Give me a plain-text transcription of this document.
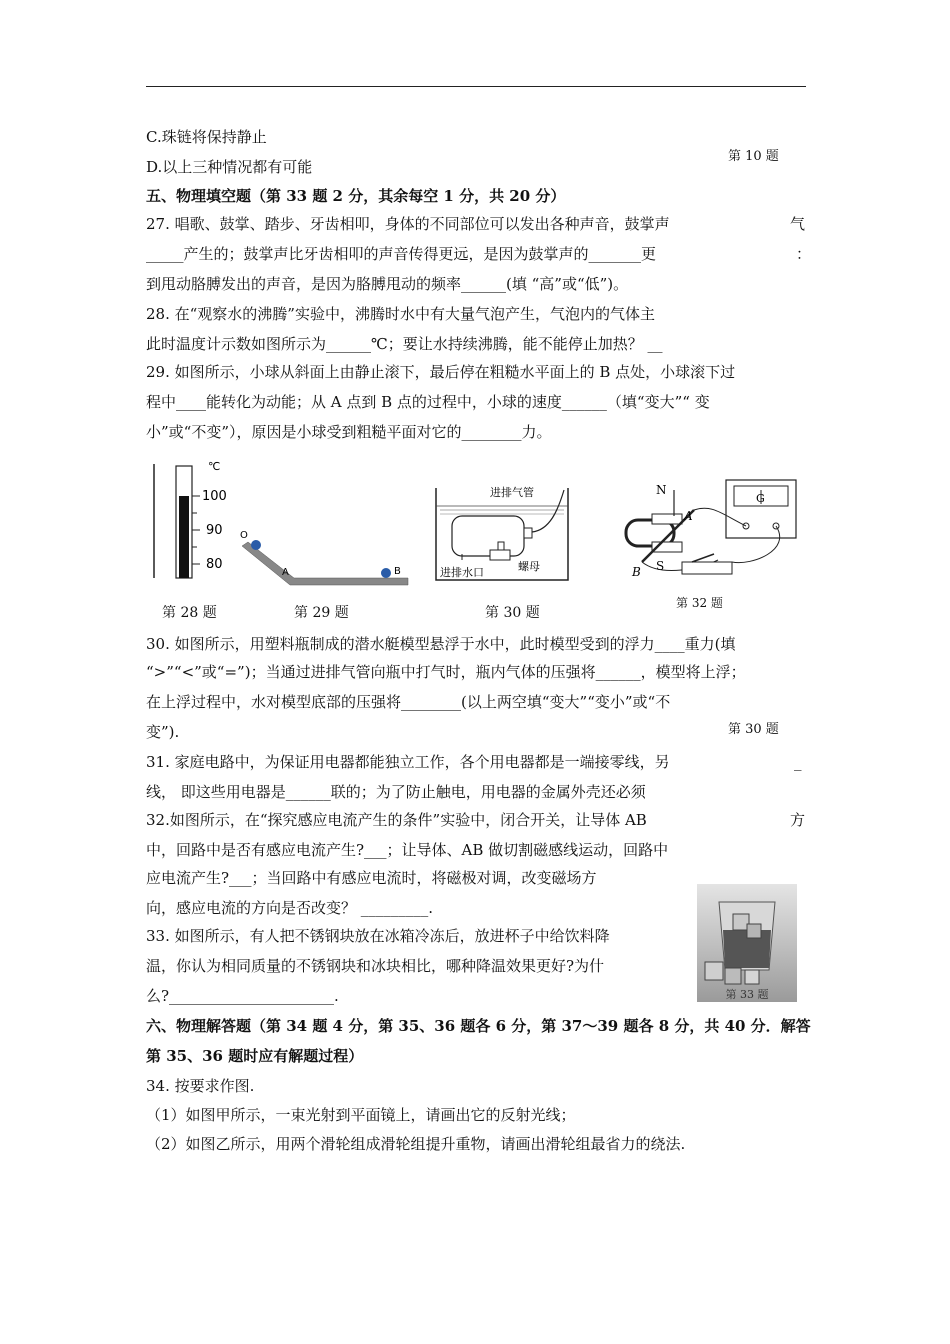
C.珠链将保持静止
D.以上三种情况都有可能
第 10 题
五、物理填空题（第 33 题 2 分，其余每空 1 分，共 20 分）
27. 唱歌、鼓掌、踏步、牙齿相叩，身体的不同部位可以发出各种声音，鼓掌声	气
_____产生的；鼓掌声比牙齿相叩的声音传得更远，是因为鼓掌声的_______更	：
到甩动胳膊发出的声音，是因为胳膊甩动的频率______(填 “高”或“低”)。
28. 在“观察水的沸腾”实验中，沸腾时水中有大量气泡产生，气泡内的气体主
此时温度计示数如图所示为______℃；要让水持续沸腾，能不能停止加热？ __
29. 如图所示，小球从斜面上由静止滚下，最后停在粗糙水平面上的 B 点处，小球滚下过
程中____能转化为动能；从 A 点到 B 点的过程中，小球的速度______（填“变大”“ 变
小”或“不变”），原因是小球受到粗糙平面对它的________力。
℃
100
90
80
第 28 题
O
A	B
第 29 题
进排气管
进排水口	螺母
第 30 题
N
S
A
B
G
第 32 题
30. 如图所示，用塑料瓶制成的潜水艇模型悬浮于水中，此时模型受到的浮力____重力(填
“>”“<”或“=”)；当通过进排气管向瓶中打气时，瓶内气体的压强将______，模型将上浮；
在上浮过程中，水对模型底部的压强将________(以上两空填“变大”“变小”或“不
变”).	第 30 题
31. 家庭电路中，为保证用电器都能独立工作，各个用电器都是一端接零线，另	_
线， 即这些用电器是______联的；为了防止触电，用电器的金属外壳还必须
32.如图所示，在“探究感应电流产生的条件”实验中，闭合开关，让导体 AB	方
中，回路中是否有感应电流产生?___；让导体、AB 做切割磁感线运动，回路中
应电流产生?___；当回路中有感应电流时，将磁极对调，改变磁场方
向，感应电流的方向是否改变？ _________.
33. 如图所示，有人把不锈钢块放在冰箱冷冻后，放进杯子中给饮料降
温，你认为相同质量的不锈钢块和冰块相比，哪种降温效果更好?为什
么?______________________.	第 33 题
六、物理解答题（第 34 题 4 分，第 35、36 题各 6 分，第 37～39 题各 8 分，共 40 分．解答
第 35、36 题时应有解题过程）
34. 按要求作图.
（1）如图甲所示，一束光射到平面镜上，请画出它的反射光线；
（2）如图乙所示，用两个滑轮组成滑轮组提升重物，请画出滑轮组最省力的绕法.
